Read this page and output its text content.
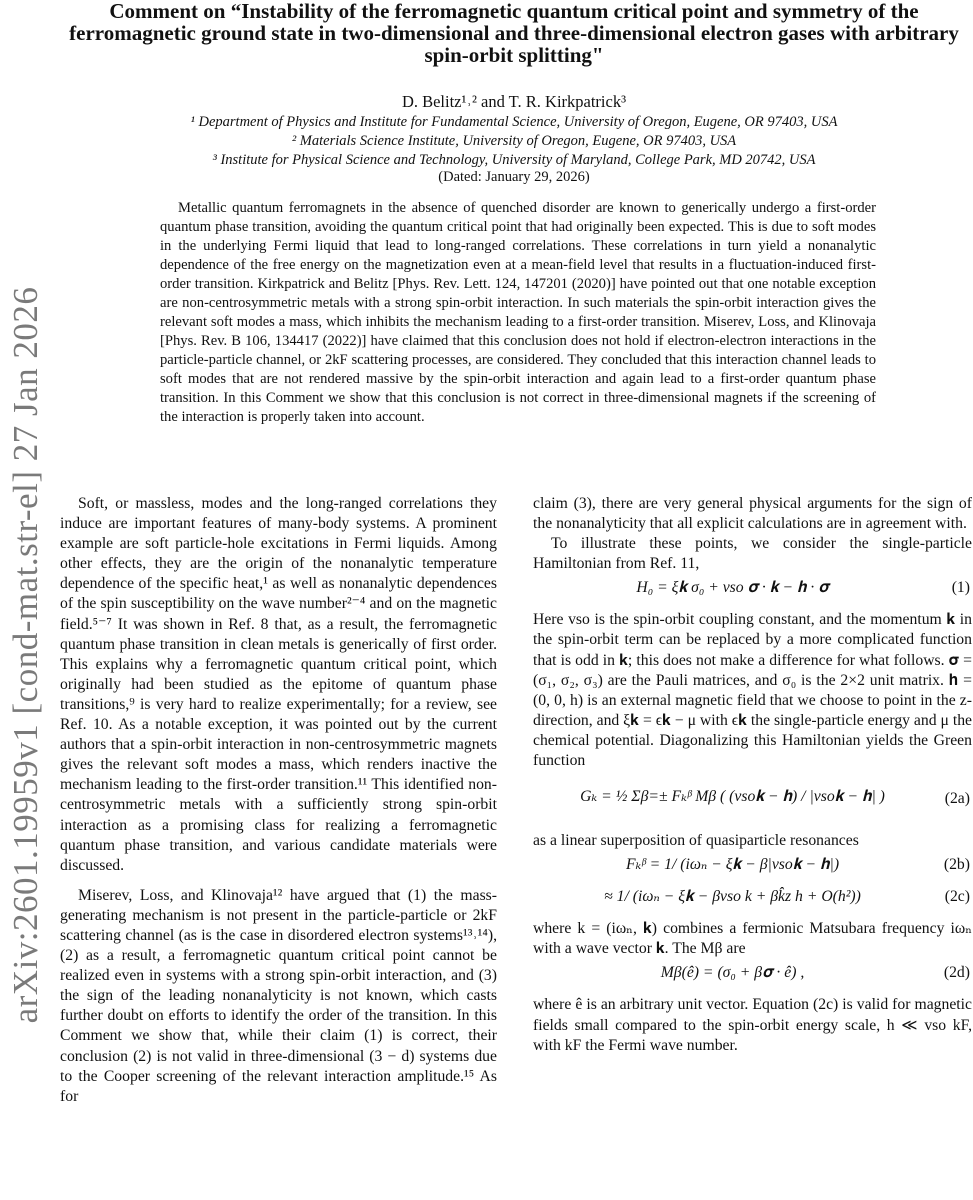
arXiv:2601.19959v1 [cond-mat.str-el] 27 Jan 2026
Comment on “Instability of the ferromagnetic quantum critical point and symmetry of the ferromagnetic ground state in two-dimensional and three-dimensional electron gases with arbitrary spin-orbit splitting"
D. Belitz¹˒² and T. R. Kirkpatrick³
¹ Department of Physics and Institute for Fundamental Science, University of Oregon, Eugene, OR 97403, USA
² Materials Science Institute, University of Oregon, Eugene, OR 97403, USA
³ Institute for Physical Science and Technology, University of Maryland, College Park, MD 20742, USA
(Dated: January 29, 2026)

Metallic quantum ferromagnets in the absence of quenched disorder are known to generically undergo a first-order quantum phase transition, avoiding the quantum critical point that had originally been expected. This is due to soft modes in the underlying Fermi liquid that lead to long-ranged correlations. These correlations in turn yield a nonanalytic dependence of the free energy on the magnetization even at a mean-field level that results in a fluctuation-induced first-order transition. Kirkpatrick and Belitz [Phys. Rev. Lett. 124, 147201 (2020)] have pointed out that one notable exception are non-centrosymmetric metals with a strong spin-orbit interaction. In such materials the spin-orbit interaction gives the relevant soft modes a mass, which inhibits the mechanism leading to a first-order transition. Miserev, Loss, and Klinovaja [Phys. Rev. B 106, 134417 (2022)] have claimed that this conclusion does not hold if electron-electron interactions in the particle-particle channel, or 2kF scattering processes, are considered. They concluded that this interaction channel leads to soft modes that are not rendered massive by the spin-orbit interaction and again lead to a first-order quantum phase transition. In this Comment we show that this conclusion is not correct in three-dimensional magnets if the screening of the interaction is properly taken into account.

Soft, or massless, modes and the long-ranged correlations they induce are important features of many-body systems. A prominent example are soft particle-hole excitations in Fermi liquids. Among other effects, they are the origin of the nonanalytic temperature dependence of the specific heat,¹ as well as nonanalytic dependences of the spin susceptibility on the wave number²⁻⁴ and on the magnetic field.⁵⁻⁷ It was shown in Ref. 8 that, as a result, the ferromagnetic quantum phase transition in clean metals is generically of first order. This explains why a ferromagnetic quantum critical point, which originally had been studied as the epitome of quantum phase transitions,⁹ is very hard to realize experimentally; for a review, see Ref. 10. As a notable exception, it was pointed out by the current authors that a spin-orbit interaction in non-centrosymmetric magnets gives the relevant soft modes a mass, which renders inactive the mechanism leading to the first-order transition.¹¹ This identified non-centrosymmetric metals with a sufficiently strong spin-orbit interaction as a promising class for realizing a ferromagnetic quantum phase transition, and various candidate materials were discussed.

Miserev, Loss, and Klinovaja¹² have argued that (1) the mass-generating mechanism is not present in the particle-particle or 2kF scattering channel (as is the case in disordered electron systems¹³˒¹⁴), (2) as a result, a ferromagnetic quantum critical point cannot be realized even in systems with a strong spin-orbit interaction, and (3) the sign of the leading nonanalyticity is not known, which casts further doubt on efforts to identify the order of the transition. In this Comment we show that, while their claim (1) is correct, their conclusion (2) is not valid in three-dimensional (3 − d) systems due to the Cooper screening of the relevant interaction amplitude.¹⁵ As for

claim (3), there are very general physical arguments for the sign of the nonanalyticity that all explicit calculations are in agreement with.

To illustrate these points, we consider the single-particle Hamiltonian from Ref. 11,

H₀ = ξ𝐤 σ₀ + vso 𝛔 · 𝐤 − 𝐡 · 𝛔	(1)

Here vso is the spin-orbit coupling constant, and the momentum 𝐤 in the spin-orbit term can be replaced by a more complicated function that is odd in 𝐤; this does not make a difference for what follows. 𝛔 = (σ₁, σ₂, σ₃) are the Pauli matrices, and σ₀ is the 2×2 unit matrix. 𝐡 = (0, 0, h) is an external magnetic field that we choose to point in the z-direction, and ξ𝐤 = ϵ𝐤 − μ with ϵ𝐤 the single-particle energy and μ the chemical potential. Diagonalizing this Hamiltonian yields the Green function

Gₖ = ½ Σβ=± Fₖᵝ Mβ ( (vso𝐤 − 𝐡) / |vso𝐤 − 𝐡| )	(2a)

as a linear superposition of quasiparticle resonances

Fₖᵝ = 1/ (iωₙ − ξ𝐤 − β|vso𝐤 − 𝐡|)	(2b)
≈ 1/ (iωₙ − ξ𝐤 − βvso k + βk̂z h + O(h²))	(2c)

where k = (iωₙ, 𝐤) combines a fermionic Matsubara frequency iωₙ with a wave vector 𝐤. The Mβ are

Mβ(ê) = (σ₀ + β𝛔 · ê) ,	(2d)

where ê is an arbitrary unit vector. Equation (2c) is valid for magnetic fields small compared to the spin-orbit energy scale, h ≪ vso kF, with kF the Fermi wave number.
